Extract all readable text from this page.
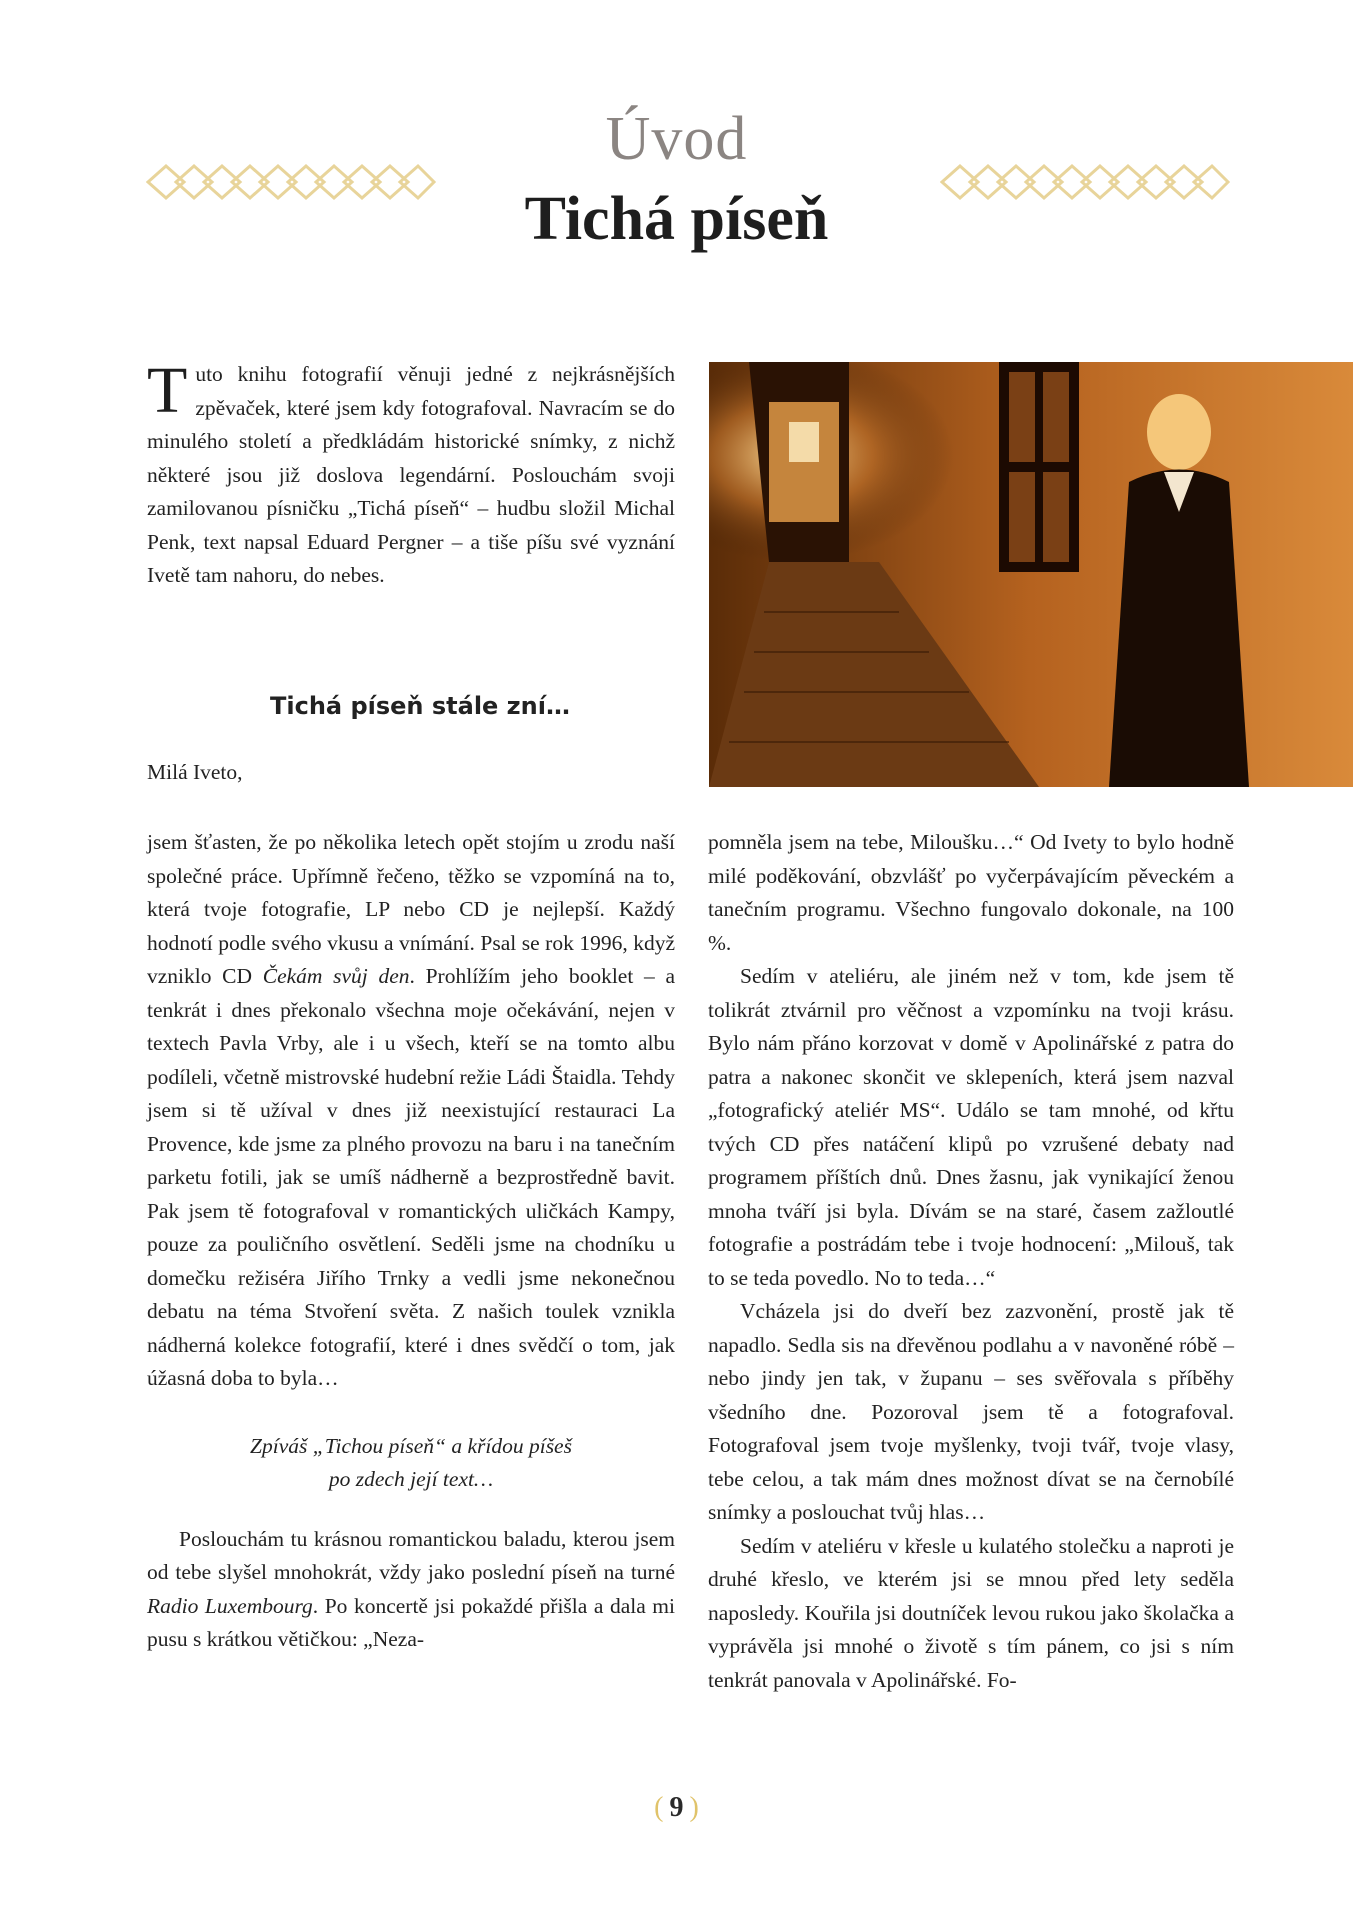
Úvod
Tichá píseň
Tuto knihu fotografií věnuji jedné z nejkrásnějších zpěvaček, které jsem kdy fotografoval. Navracím se do minulého století a předkládám historické snímky, z nichž některé jsou již doslova legendární. Poslouchám svoji zamilovanou písničku „Tichá píseň“ – hudbu složil Michal Penk, text napsal Eduard Pergner – a tiše píšu své vyznání Ivetě tam nahoru, do nebes.
Tichá píseň stále zní…
Milá Iveto,

jsem šťasten, že po několika letech opět stojím u zrodu naší společné práce. Upřímně řečeno, těžko se vzpomíná na to, která tvoje fotografie, LP nebo CD je nejlepší. Každý hodnotí podle svého vkusu a vnímání. Psal se rok 1996, když vzniklo CD Čekám svůj den. Prohlížím jeho booklet – a tenkrát i dnes překonalo všechna moje očekávání, nejen v textech Pavla Vrby, ale i u všech, kteří se na tomto albu podíleli, včetně mistrovské hudební režie Ládi Štaidla. Tehdy jsem si tě užíval v dnes již neexistující restauraci La Provence, kde jsme za plného provozu na baru i na tanečním parketu fotili, jak se umíš nádherně a bezprostředně bavit. Pak jsem tě fotografoval v romantických uličkách Kampy, pouze za pouličního osvětlení. Seděli jsme na chodníku u domečku režiséra Jiřího Trnky a vedli jsme nekonečnou debatu na téma Stvoření světa. Z našich toulek vznikla nádherná kolekce fotografií, které i dnes svědčí o tom, jak úžasná doba to byla…

Zpíváš „Tichou píseň“ a křídou píšeš
po zdech její text…

Poslouchám tu krásnou romantickou baladu, kterou jsem od tebe slyšel mnohokrát, vždy jako poslední píseň na turné Radio Luxembourg. Po koncertě jsi pokaždé přišla a dala mi pusu s krátkou větičkou: „Neza-

pomněla jsem na tebe, Miloušku…“ Od Ivety to bylo hodně milé poděkování, obzvlášť po vyčerpávajícím pěveckém a tanečním programu. Všechno fungovalo dokonale, na 100 %.

Sedím v ateliéru, ale jiném než v tom, kde jsem tě tolikrát ztvárnil pro věčnost a vzpomínku na tvoji krásu. Bylo nám přáno korzovat v domě v Apolinářské z patra do patra a nakonec skončit ve sklepeních, která jsem nazval „fotografický ateliér MS“. Událo se tam mnohé, od křtu tvých CD přes natáčení klipů po vzrušené debaty nad programem příštích dnů. Dnes žasnu, jak vynikající ženou mnoha tváří jsi byla. Dívám se na staré, časem zažloutlé fotografie a postrádám tebe i tvoje hodnocení: „Milouš, tak to se teda povedlo. No to teda…“

Vcházela jsi do dveří bez zazvonění, prostě jak tě napadlo. Sedla sis na dřevěnou podlahu a v navoněné róbě – nebo jindy jen tak, v županu – ses svěřovala s příběhy všedního dne. Pozoroval jsem tě a fotografoval. Fotografoval jsem tvoje myšlenky, tvoji tvář, tvoje vlasy, tebe celou, a tak mám dnes možnost dívat se na černobílé snímky a poslouchat tvůj hlas…

Sedím v ateliéru v křesle u kulatého stolečku a naproti je druhé křeslo, ve kterém jsi se mnou před lety seděla naposledy. Kouřila jsi doutníček levou rukou jako školačka a vyprávěla jsi mnohé o životě s tím pánem, co jsi s ním tenkrát panovala v Apolinářské. Fo-

( 9 )
